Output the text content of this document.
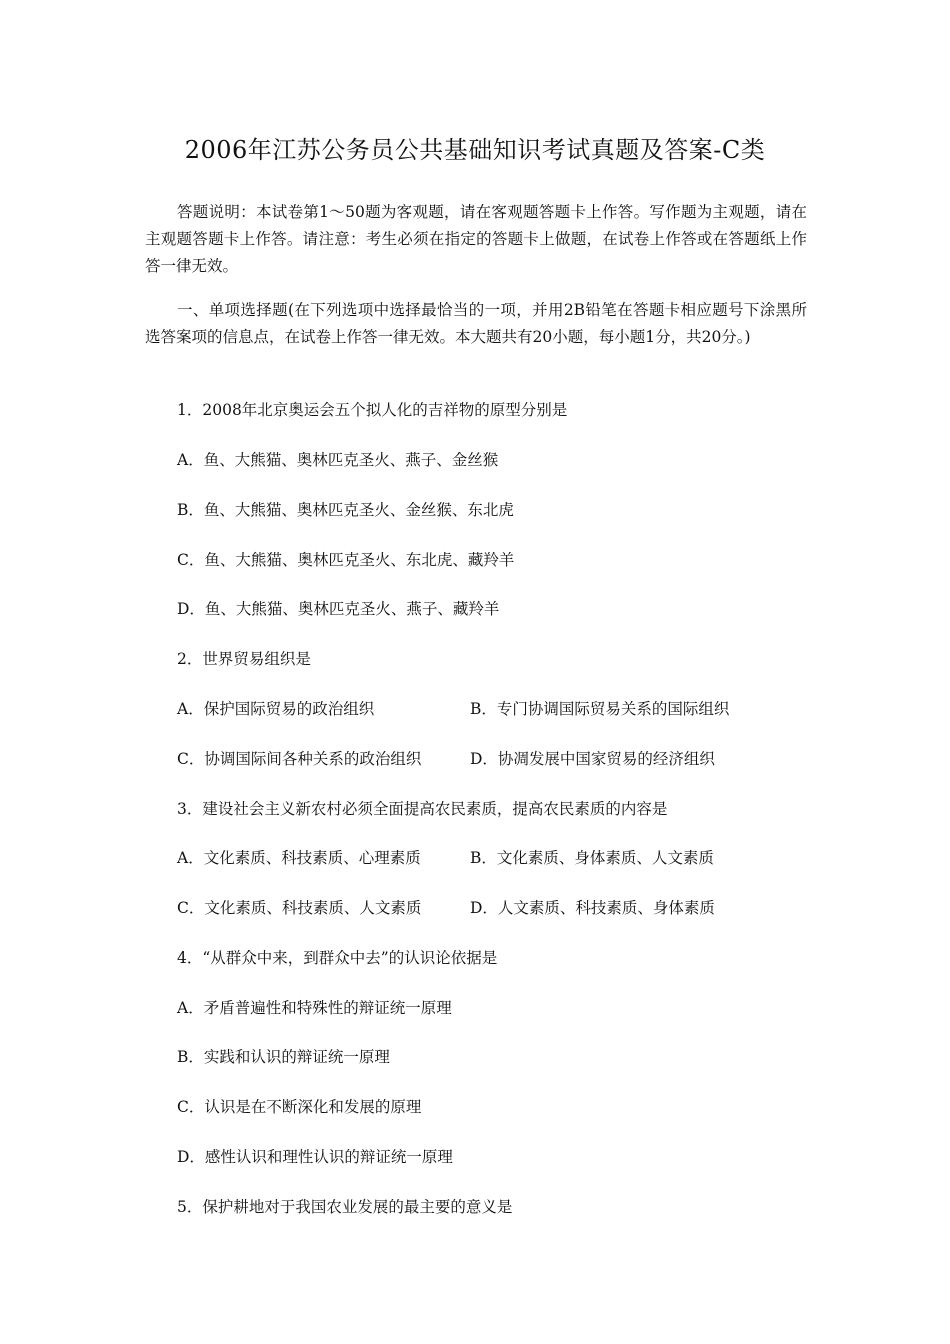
2006年江苏公务员公共基础知识考试真题及答案-C类
答题说明：本试卷第1～50题为客观题，请在客观题答题卡上作答。写作题为主观题，请在主观题答题卡上作答。请注意：考生必须在指定的答题卡上做题，在试卷上作答或在答题纸上作答一律无效。
一、单项选择题(在下列选项中选择最恰当的一项，并用2B铅笔在答题卡相应题号下涂黑所选答案项的信息点，在试卷上作答一律无效。本大题共有20小题，每小题1分，共20分。)
1．2008年北京奥运会五个拟人化的吉祥物的原型分别是
A．鱼、大熊猫、奥林匹克圣火、燕子、金丝猴
B．鱼、大熊猫、奥林匹克圣火、金丝猴、东北虎
C．鱼、大熊猫、奥林匹克圣火、东北虎、藏羚羊
D．鱼、大熊猫、奥林匹克圣火、燕子、藏羚羊
2．世界贸易组织是
A．保护国际贸易的政治组织	B．专门协调国际贸易关系的国际组织
C．协调国际间各种关系的政治组织	D．协凋发展中国家贸易的经济组织
3．建设社会主义新农村必须全面提高农民素质，提高农民素质的内容是
A．文化素质、科技素质、心理素质	B．文化素质、身体素质、人文素质
C．文化素质、科技素质、人文素质	D．人文素质、科技素质、身体素质
4．“从群众中来，到群众中去”的认识论依据是
A．矛盾普遍性和特殊性的辩证统一原理
B．实践和认识的辩证统一原理
C．认识是在不断深化和发展的原理
D．感性认识和理性认识的辩证统一原理
5．保护耕地对于我国农业发展的最主要的意义是
